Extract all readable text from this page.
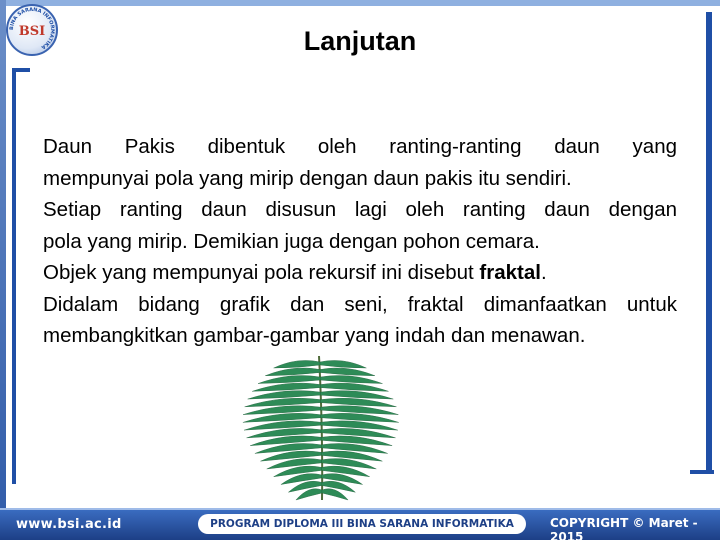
BINA SARANA INFORMATIKA
BSI	Lanjutan

Daun Pakis dibentuk oleh ranting-ranting daun yang

mempunyai pola yang mirip dengan daun pakis itu sendiri.

Setiap ranting daun disusun lagi oleh ranting daun dengan

pola yang mirip. Demikian juga dengan pohon cemara.

Objek yang mempunyai pola rekursif ini disebut fraktal.

Didalam bidang grafik dan seni, fraktal dimanfaatkan untuk

membangkitkan gambar-gambar yang indah dan menawan.

www.bsi.ac.id	PROGRAM DIPLOMA III BINA SARANA INFORMATIKA	COPYRIGHT © Maret - 2015
